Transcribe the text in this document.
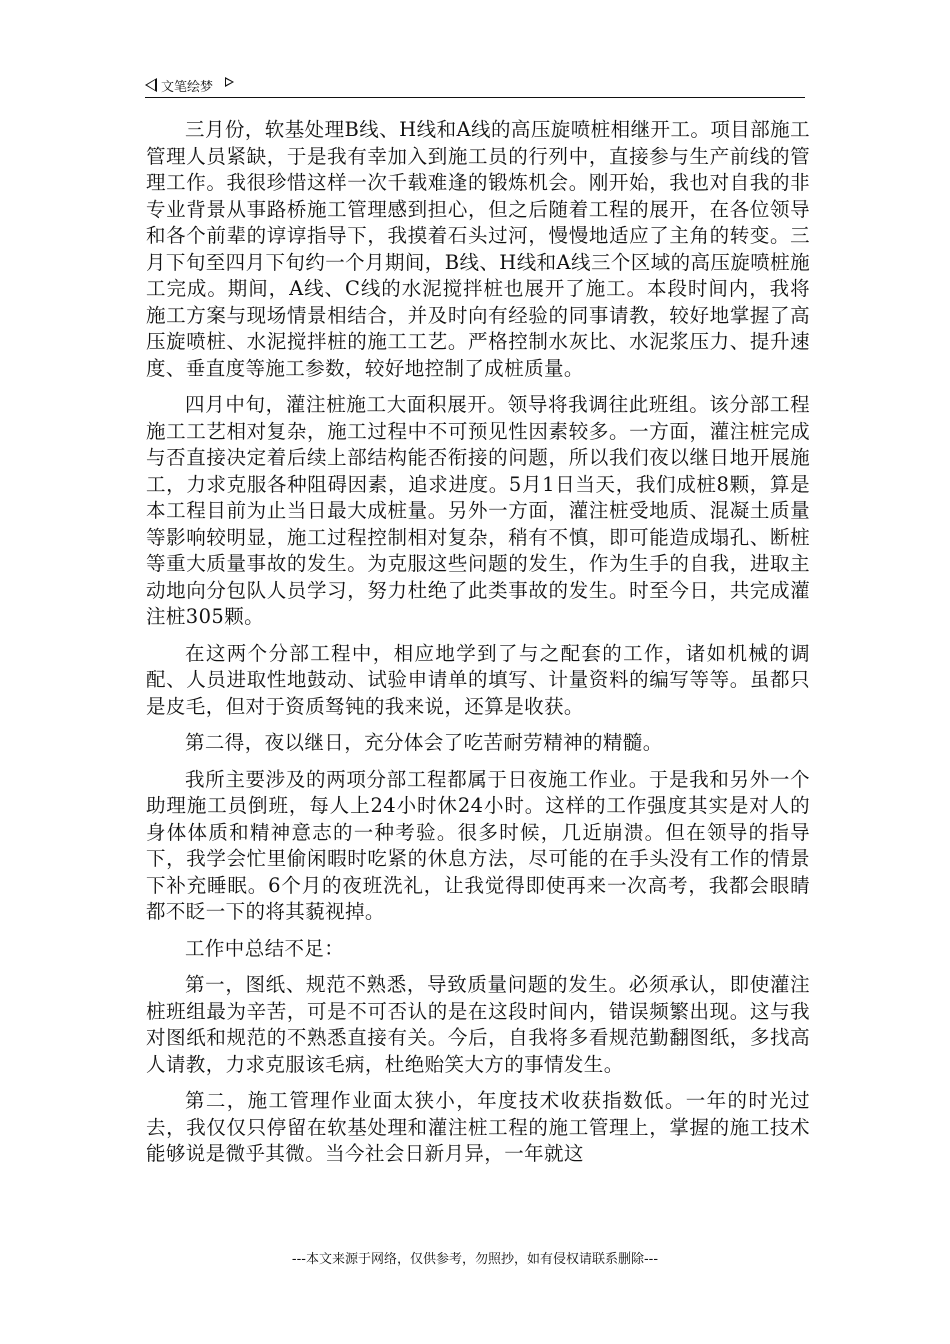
文笔绘梦

三月份，软基处理B线、H线和A线的高压旋喷桩相继开工。项目部施工管理人员紧缺，于是我有幸加入到施工员的行列中，直接参与生产前线的管理工作。我很珍惜这样一次千载难逢的锻炼机会。刚开始，我也对自我的非专业背景从事路桥施工管理感到担心，但之后随着工程的展开，在各位领导和各个前辈的谆谆指导下，我摸着石头过河，慢慢地适应了主角的转变。三月下旬至四月下旬约一个月期间，B线、H线和A线三个区域的高压旋喷桩施工完成。期间，A线、C线的水泥搅拌桩也展开了施工。本段时间内，我将施工方案与现场情景相结合，并及时向有经验的同事请教，较好地掌握了高压旋喷桩、水泥搅拌桩的施工工艺。严格控制水灰比、水泥浆压力、提升速度、垂直度等施工参数，较好地控制了成桩质量。

四月中旬，灌注桩施工大面积展开。领导将我调往此班组。该分部工程施工工艺相对复杂，施工过程中不可预见性因素较多。一方面，灌注桩完成与否直接决定着后续上部结构能否衔接的问题，所以我们夜以继日地开展施工，力求克服各种阻碍因素，追求进度。5月1日当天，我们成桩8颗，算是本工程目前为止当日最大成桩量。另外一方面，灌注桩受地质、混凝土质量等影响较明显，施工过程控制相对复杂，稍有不慎，即可能造成塌孔、断桩等重大质量事故的发生。为克服这些问题的发生，作为生手的自我，进取主动地向分包队人员学习，努力杜绝了此类事故的发生。时至今日，共完成灌注桩305颗。

在这两个分部工程中，相应地学到了与之配套的工作，诸如机械的调配、人员进取性地鼓动、试验申请单的填写、计量资料的编写等等。虽都只是皮毛，但对于资质驽钝的我来说，还算是收获。

第二得，夜以继日，充分体会了吃苦耐劳精神的精髓。

我所主要涉及的两项分部工程都属于日夜施工作业。于是我和另外一个助理施工员倒班，每人上24小时休24小时。这样的工作强度其实是对人的身体体质和精神意志的一种考验。很多时候，几近崩溃。但在领导的指导下，我学会忙里偷闲暇时吃紧的休息方法，尽可能的在手头没有工作的情景下补充睡眠。6个月的夜班洗礼，让我觉得即使再来一次高考，我都会眼睛都不眨一下的将其藐视掉。

工作中总结不足：

第一，图纸、规范不熟悉，导致质量问题的发生。必须承认，即使灌注桩班组最为辛苦，可是不可否认的是在这段时间内，错误频繁出现。这与我对图纸和规范的不熟悉直接有关。今后，自我将多看规范勤翻图纸，多找高人请教，力求克服该毛病，杜绝贻笑大方的事情发生。

第二，施工管理作业面太狭小，年度技术收获指数低。一年的时光过去，我仅仅只停留在软基处理和灌注桩工程的施工管理上，掌握的施工技术能够说是微乎其微。当今社会日新月异，一年就这

---本文来源于网络，仅供参考，勿照抄，如有侵权请联系删除---
